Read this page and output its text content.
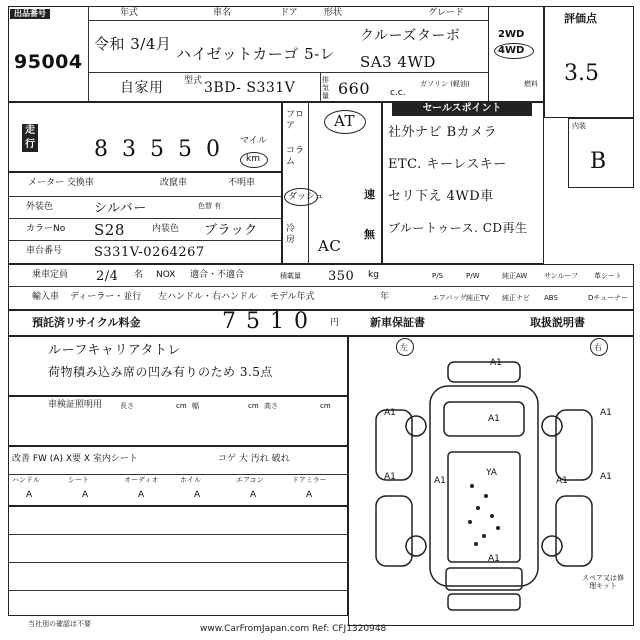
出品番号
95004
年式	車名	ドア	形状	グレード
令和 3/4月
ハイゼットカーゴ 5-レ
クルーズターボ
SA3 4WD
2WD
4WD
自家用 型式 3BD- S331V	排気量 660 c.c.
ガソリン (軽油)	燃料
評価点
3.5
走行	83550 マイル
km
メーター 交換車	改竄車	不明車
外装色	シルバー	色替 有
カラーNo S28	内装色 ブラック
車台番号 S331V-0264267
フロア
コラム
AT
ダッシュ	速
冷房 AC
無
セールスポイント
社外ナビ Bカメラ
ETC. キーレスキー
セリ下え 4WD車
ブルートゥース. CD再生
内装
B
乗車定員 2/4 名 NOX 適合・不適合	積載量 350 kg	P/S	P/W	純正AW サンルーフ 革シート
輸入車 ディーラー・並行 左ハンドル・右ハンドル モデル年式	年	エアバッグ 純正TV 純正ナビ ABS	Dチューナー
預託済リサイクル料金	7510 円	新車保証書	取扱説明書
ルーフキャリアタトレ
荷物積み込み席の凹み有りのため 3.5点
車検証照明用	長さ	cm 幅	cm 高さ	cm
改善 FW (A) X要 X 室内シート	コゲ 大 汚れ 破れ
ハンドル	シート	オーディオ	ホイル	エアコン	ドアミラー
A	A	A	A	A	A
左	右
A1
A1
A1	A1
A1	A1
A1	A1
A1
YA
スペア又は修理キット
当社別の確認は不要	www.CarFromJapan.com Ref: CFJ1320948
